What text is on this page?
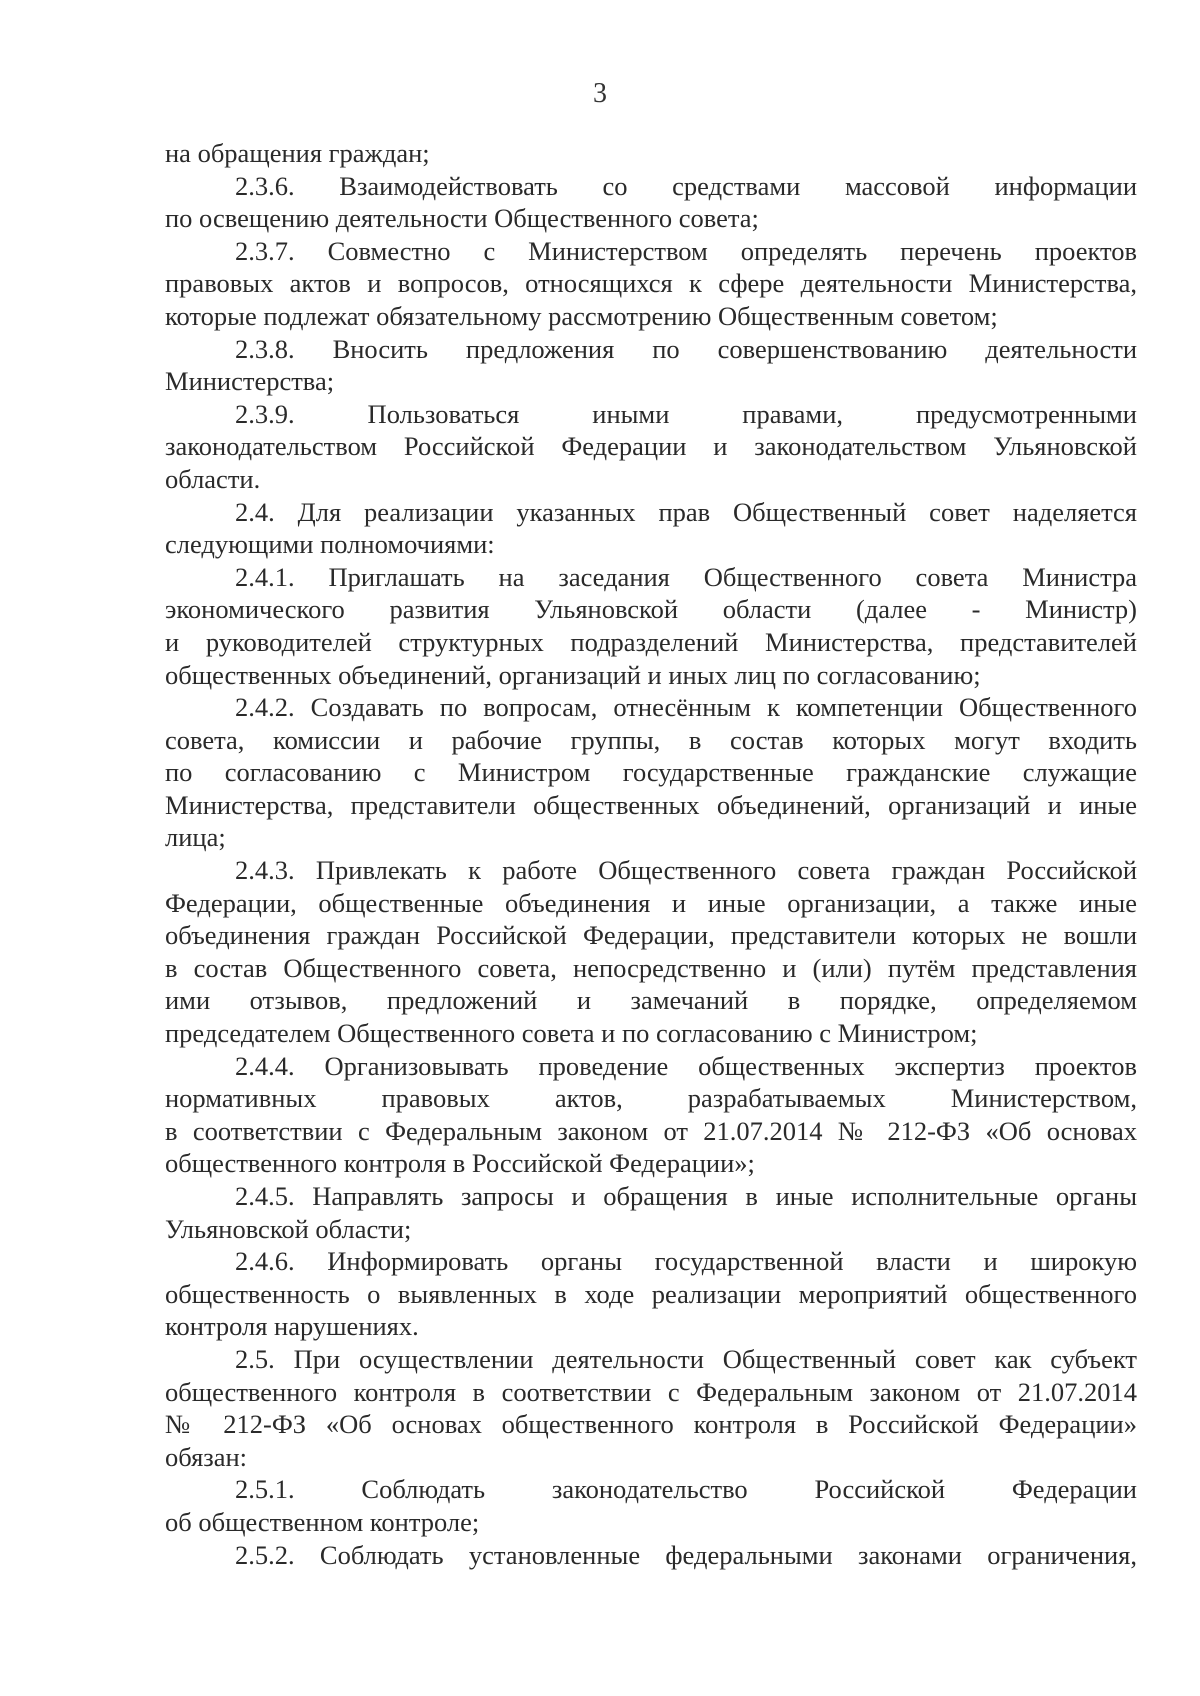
3
на обращения граждан;
2.3.6. Взаимодействовать со средствами массовой информации
по освещению деятельности Общественного совета;
2.3.7. Совместно с Министерством определять перечень проектов
правовых актов и вопросов, относящихся к сфере деятельности Министерства,
которые подлежат обязательному рассмотрению Общественным советом;
2.3.8. Вносить предложения по совершенствованию деятельности
Министерства;
2.3.9. Пользоваться иными правами, предусмотренными
законодательством Российской Федерации и законодательством Ульяновской
области.
2.4. Для реализации указанных прав Общественный совет наделяется
следующими полномочиями:
2.4.1. Приглашать на заседания Общественного совета Министра
экономического развития Ульяновской области (далее - Министр)
и руководителей структурных подразделений Министерства, представителей
общественных объединений, организаций и иных лиц по согласованию;
2.4.2. Создавать по вопросам, отнесённым к компетенции Общественного
совета, комиссии и рабочие группы, в состав которых могут входить
по согласованию с Министром государственные гражданские служащие
Министерства, представители общественных объединений, организаций и иные
лица;
2.4.3. Привлекать к работе Общественного совета граждан Российской
Федерации, общественные объединения и иные организации, а также иные
объединения граждан Российской Федерации, представители которых не вошли
в состав Общественного совета, непосредственно и (или) путём представления
ими отзывов, предложений и замечаний в порядке, определяемом
председателем Общественного совета и по согласованию с Министром;
2.4.4. Организовывать проведение общественных экспертиз проектов
нормативных правовых актов, разрабатываемых Министерством,
в соответствии с Федеральным законом от 21.07.2014 № 212-ФЗ «Об основах
общественного контроля в Российской Федерации»;
2.4.5. Направлять запросы и обращения в иные исполнительные органы
Ульяновской области;
2.4.6. Информировать органы государственной власти и широкую
общественность о выявленных в ходе реализации мероприятий общественного
контроля нарушениях.
2.5. При осуществлении деятельности Общественный совет как субъект
общественного контроля в соответствии с Федеральным законом от 21.07.2014
№ 212-ФЗ «Об основах общественного контроля в Российской Федерации»
обязан:
2.5.1. Соблюдать законодательство Российской Федерации
об общественном контроле;
2.5.2. Соблюдать установленные федеральными законами ограничения,
